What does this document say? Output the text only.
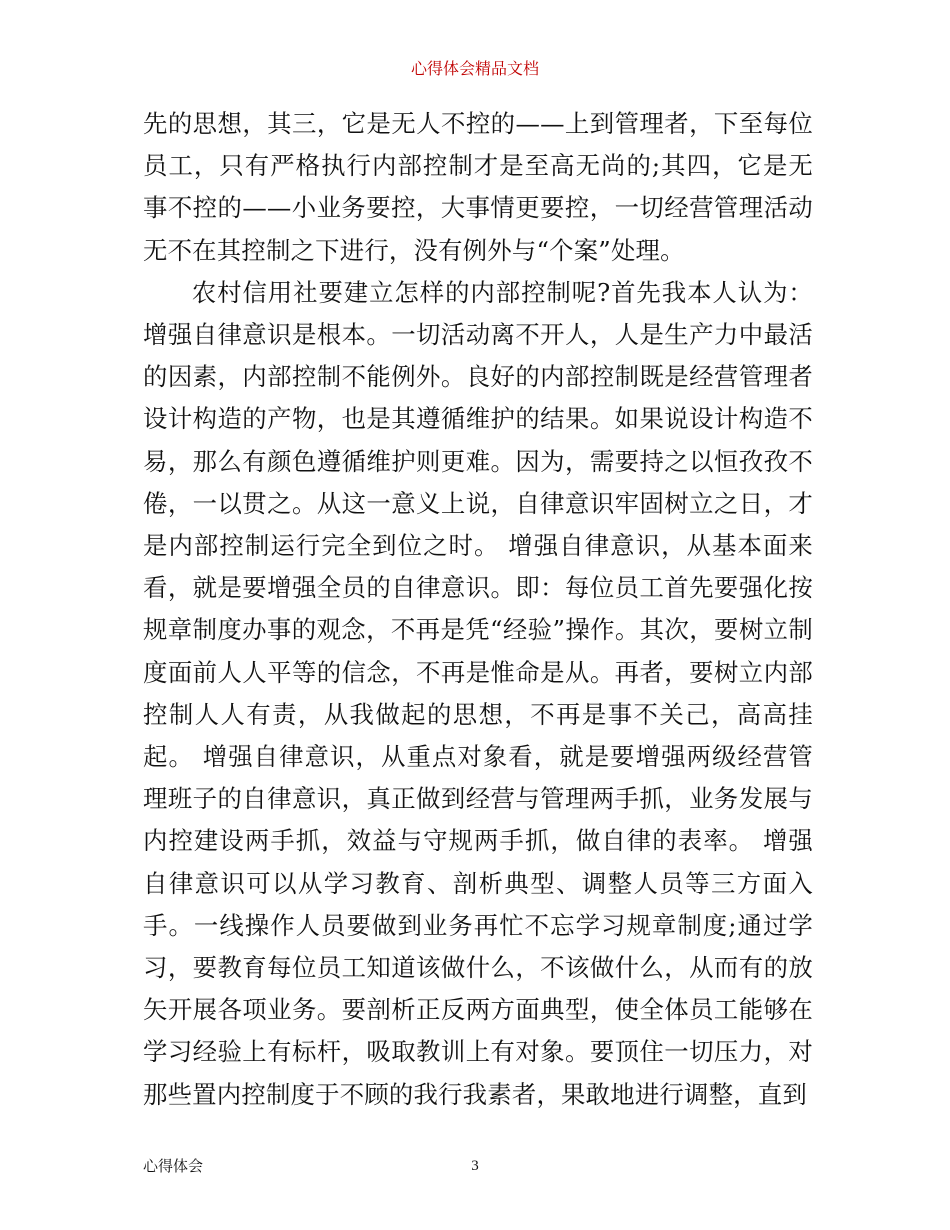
心得体会精品文档

先的思想，其三，它是无人不控的——上到管理者，下至每位员工，只有严格执行内部控制才是至高无尚的;其四，它是无事不控的——小业务要控，大事情更要控，一切经营管理活动无不在其控制之下进行，没有例外与“个案”处理。

农村信用社要建立怎样的内部控制呢?首先我本人认为：增强自律意识是根本。一切活动离不开人，人是生产力中最活的因素，内部控制不能例外。良好的内部控制既是经营管理者设计构造的产物，也是其遵循维护的结果。如果说设计构造不易，那么有颜色遵循维护则更难。因为，需要持之以恒孜孜不倦，一以贯之。从这一意义上说，自律意识牢固树立之日，才是内部控制运行完全到位之时。 增强自律意识，从基本面来看，就是要增强全员的自律意识。即：每位员工首先要强化按规章制度办事的观念，不再是凭“经验”操作。其次，要树立制度面前人人平等的信念，不再是惟命是从。再者，要树立内部控制人人有责，从我做起的思想，不再是事不关己，高高挂起。 增强自律意识，从重点对象看，就是要增强两级经营管理班子的自律意识，真正做到经营与管理两手抓，业务发展与内控建设两手抓，效益与守规两手抓，做自律的表率。 增强自律意识可以从学习教育、剖析典型、调整人员等三方面入手。一线操作人员要做到业务再忙不忘学习规章制度;通过学习，要教育每位员工知道该做什么，不该做什么，从而有的放矢开展各项业务。要剖析正反两方面典型，使全体员工能够在学习经验上有标杆，吸取教训上有对象。要顶住一切压力，对那些置内控制度于不顾的我行我素者，果敢地进行调整，直到

心得体会	3
